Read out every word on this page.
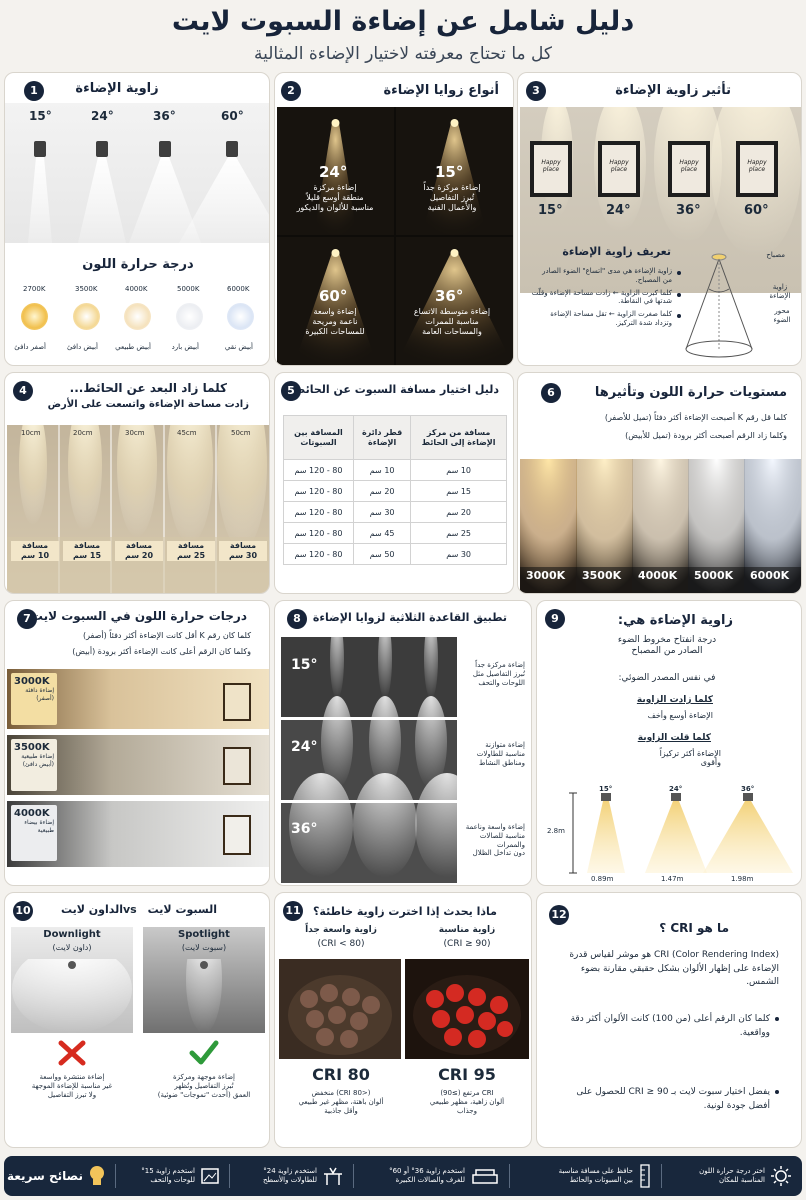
دليل شامل عن إضاءة السبوت لايت
كل ما تحتاج معرفته لاختيار الإضاءة المثالية
1	زاوية الإضاءة
15°	24°	36°	60°
درجة حرارة اللون
2700K	3500K	4000K	5000K	6000K
أصفر دافئ	أبيض دافئ أبيض طبيعي	أبيض بارد	أبيض نقي
2	أنواع زوايا الإضاءة
15°
إضاءة مركزة جداً
تُبرز التفاصيل
والأعمال الفنية
24°
إضاءة مركزة
منطقة أوسع قليلاً
مناسبة للألوان والديكور
36°
إضاءة متوسطة الاتساع
مناسبة للممرات
والمساحات العامة
60°
إضاءة واسعة
ناعمة ومريحة
للمساحات الكبيرة
3	تأثير زاوية الإضاءة
Happy place
Happy place
Happy place
Happy place
15°	24°	36°	60°
تعريف زاوية الإضاءة
زاوية الإضاءة هي مدى "اتساع" الضوء الصادر من المصباح.
كلما كبرت الزاوية ← زادت مساحة الإضاءة وقلّت شدتها في النقاطة.
كلما صغرت الزاوية ← تقل مساحة الإضاءة وتزداد شدة التركيز.
مصباح
زاوية الإضاءة
محور الضوء
4	كلما زاد البعد عن الحائط...
زادت مساحة الإضاءة واتسعت على الأرض
10cm	20cm	30cm	45cm	50cm
مسافة
10 سم
مسافة
15 سم
مسافة
20 سم
مسافة
25 سم
مسافة
30 سم
5
دليل اختيار مسافة السبوت عن الحائط
مسافة من مركز الإضاءة إلى الحائط	قطر دائرة الإضاءة	المسافة بين السبوتات
10 سم	10 سم	80 - 120 سم
15 سم	20 سم	80 - 120 سم
20 سم	30 سم	80 - 120 سم
25 سم	45 سم	80 - 120 سم
30 سم	50 سم	80 - 120 سم
6	مستويات حرارة اللون وتأثيرها
كلما قل رقم K أصبحت الإضاءة أكثر دفئاً (تميل للأصفر)
وكلما زاد الرقم أصبحت أكثر برودة (تميل للأبيض)
3000K 3500K 4000K 5000K 6000K
7 درجات حرارة اللون في السبوت لايت
كلما كان رقم K أقل كانت الإضاءة أكثر دفئاً (أصفر)
وكلما كان الرقم أعلى كانت الإضاءة أكثر برودة (أبيض)
3000K
إضاءة دافئة
(أصفر)
3500K
إضاءة طبيعية
(أبيض دافئ)
4000K
إضاءة بيضاء
طبيعية
8	تطبيق القاعدة الثلاثية لزوايا الإضاءة
15°
24°
36°
إضاءة مركزة جداً
تُبرز التفاصيل مثل
اللوحات والتحف
إضاءة متوازنة
مناسبة للطاولات
ومناطق النشاط
إضاءة واسعة وناعمة
مناسبة للصالات والممرات
دون تداخل الظلال
9	زاوية الإضاءة هي:
درجة انفتاح مخروط الضوء
الصادر من المصباح
في نفس المصدر الضوئي:
كلما زادت الزاوية
الإضاءة أوسع وأخف
كلما قلت الزاوية
الإضاءة أكثر تركيزاً
وأقوى
15°	24°	36°
2.8m
0.89m	1.47m	1.98m
10	السبوت لايت
vs
الداون لايت
Downlight
(داون لايت)
Spotlight
(سبوت لايت)
إضاءة منتشرة وواسعة
غير مناسبة للإضاءة الموجهة
ولا تبرز التفاصيل
إضاءة موجهة ومركزة
تُبرز التفاصيل وتُظهر
العمق (أحدث "تموجات" ضوئية)
11 ماذا يحدث إذا اخترت زاوية خاطئة؟
زاوية مناسبة
(CRI ≥ 90)
زاوية واسعة جداً
(CRI < 80)
CRI 95
CRI 80
CRI مرتفع (≥90)
ألوان زاهية، مظهر طبيعي
وجذاب
(<80 CRI) منخفض
ألوان باهتة، مظهر غير طبيعي
وأقل جاذبية
12
ما هو CRI ؟
CRI (Color Rendering Index) هو موشر لقياس قدرة الإضاءة على إظهار الألوان بشكل حقيقي مقارنة بضوء الشمس.
كلما كان الرقم أعلى (من 100) كانت الألوان أكثر دقة وواقعية.
يفضل اختيار سبوت لايت بـ CRI ≥ 90 للحصول على أفضل جودة لونية.
اختر درجة حرارة اللون
المناسبة للمكان
حافظ على مسافة مناسبة
بين السبوتات والحائط
استخدم زاوية 36° أو 60°
للغرف والصالات الكبيرة
استخدم زاوية 24°
للطاولات والأسطح
استخدم زاوية 15°
للوحات والتحف
نصائح سريعة
